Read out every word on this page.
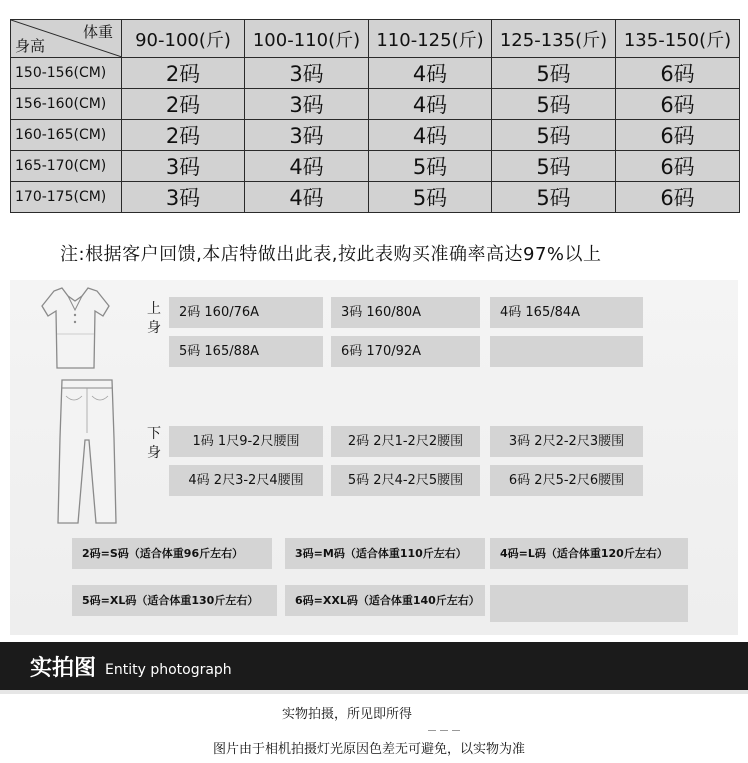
体重
身高	90-100(斤)	100-110(斤)	110-125(斤)	125-135(斤)	135-150(斤)
150-156(CM)	2码	3码	4码	5码	6码
156-160(CM)	2码	3码	4码	5码	6码
160-165(CM)	2码	3码	4码	5码	6码
165-170(CM)	3码	4码	5码	5码	6码
170-175(CM)	3码	4码	5码	5码	6码
注:根据客户回馈,本店特做出此表,按此表购买准确率高达97%以上
上
身
2码 160/76A	3码 160/80A	4码 165/84A
5码 165/88A	6码 170/92A
下
身
1码 1尺9-2尺腰围	2码 2尺1-2尺2腰围	3码 2尺2-2尺3腰围
4码 2尺3-2尺4腰围	5码 2尺4-2尺5腰围	6码 2尺5-2尺6腰围
2码=S码（适合体重96斤左右）	3码=M码（适合体重110斤左右）	4码=L码（适合体重120斤左右）
5码=XL码（适合体重130斤左右）	6码=XXL码（适合体重140斤左右）
实拍图 Entity photograph
实物拍摄，所见即所得
图片由于相机拍摄灯光原因色差无可避免，以实物为准
